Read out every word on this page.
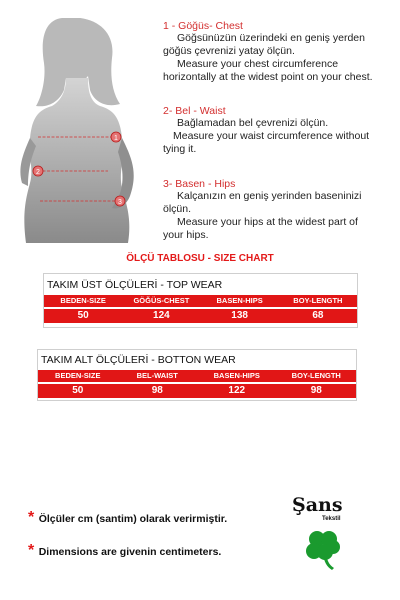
1
2
3
1 - Göğüs- Chest
Göğsünüzün üzerindeki en geniş yerden
göğüs çevrenizi yatay ölçün.
Measure your chest circumference
horizontally at the widest point on your chest.
2- Bel - Waist
Bağlamadan bel çevrenizi ölçün.
Measure your waist circumference without
tying it.
3- Basen - Hips
Kalçanızın en geniş yerinden baseninizi
ölçün.
Measure your hips at the widest part of
your hips.
ÖLÇÜ TABLOSU - SIZE CHART
TAKIM ÜST ÖLÇÜLERİ - TOP WEAR
BEDEN-SIZE	GÖĞÜS-CHEST	BASEN-HIPS	BOY-LENGTH
50	124	138	68
TAKIM ALT ÖLÇÜLERİ - BOTTON WEAR
BEDEN-SIZE	BEL-WAIST	BASEN-HIPS	BOY-LENGTH
50	98	122	98
* Ölçüler cm (santim) olarak verirmiştir.
* Dimensions are givenin centimeters.
Şans
Tekstil
